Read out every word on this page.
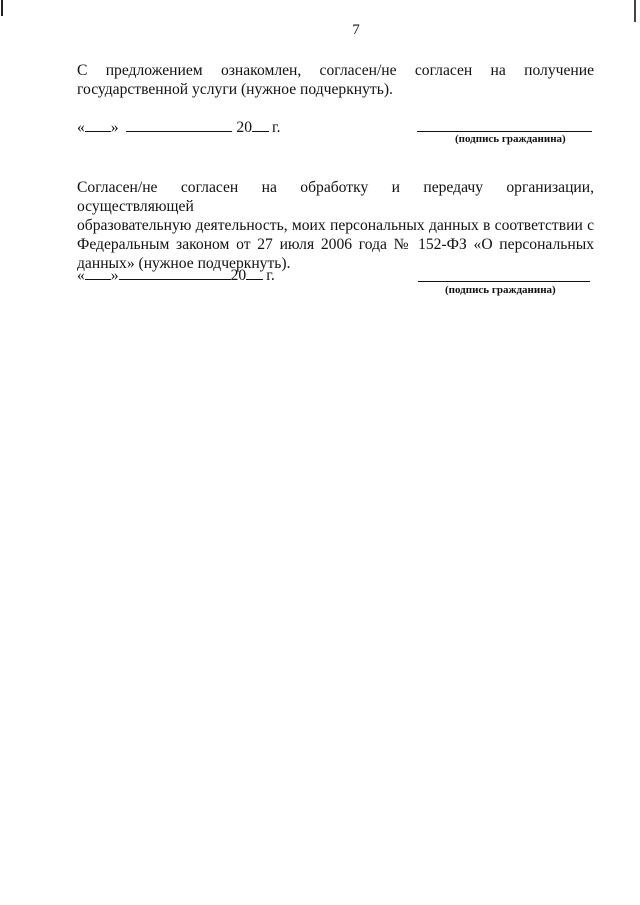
7
С предложением ознакомлен, согласен/не согласен на получение
государственной услуги (нужное подчеркнуть).
« »	20 г.
(подпись гражданина)
Согласен/не согласен на обработку и передачу организации, осуществляющей
образовательную деятельность, моих персональных данных в соответствии с
Федеральным законом от 27 июля 2006 года № 152-ФЗ «О персональных
данных» (нужное подчеркнуть).
« »	20 г.
(подпись гражданина)
